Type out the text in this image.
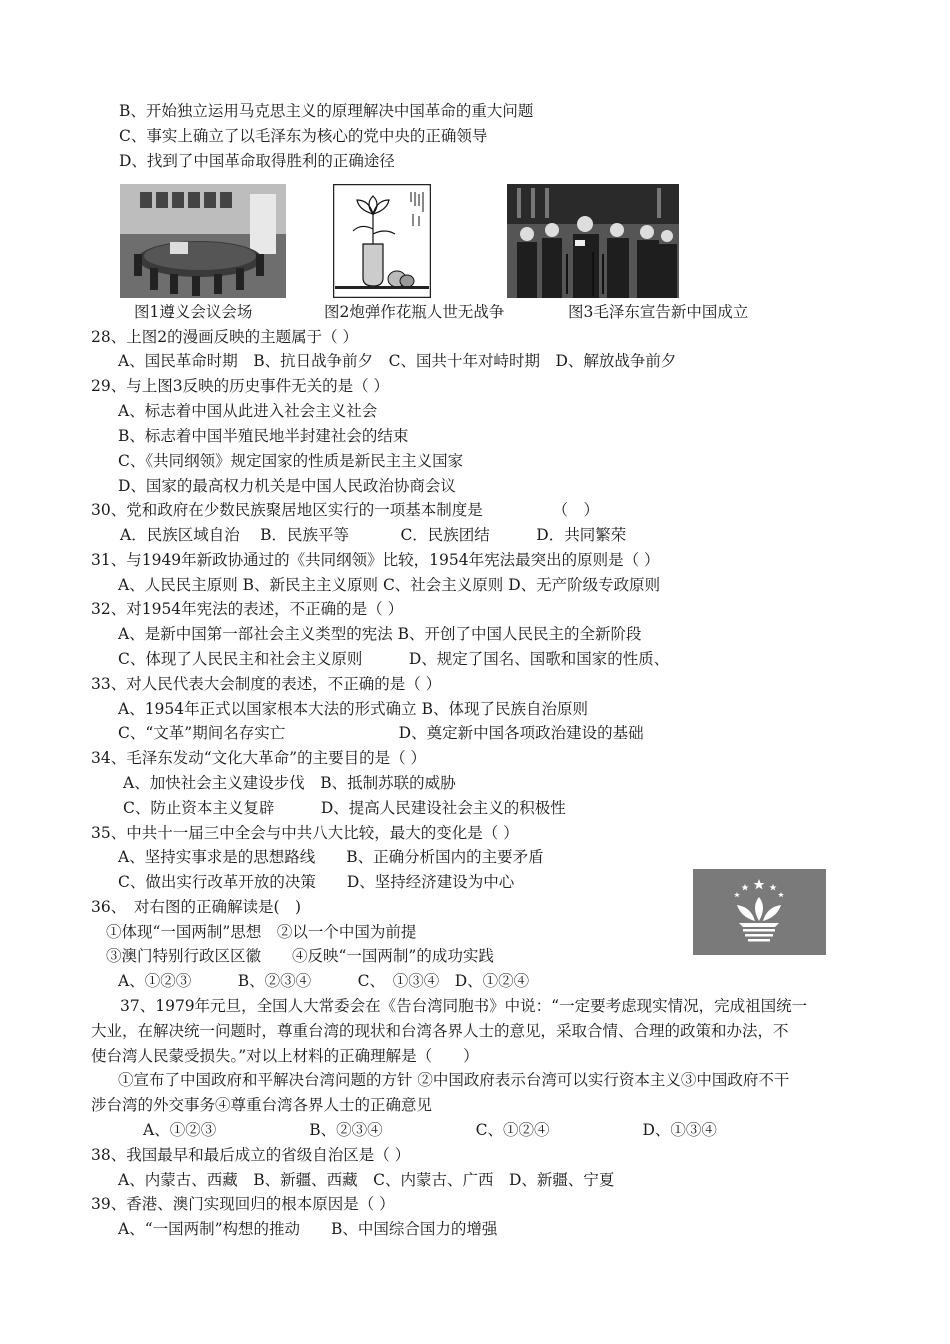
B、开始独立运用马克思主义的原理解决中国革命的重大问题
C、事实上确立了以毛泽东为核心的党中央的正确领导
D、找到了中国革命取得胜利的正确途径
图1遵义会议会场	图2炮弹作花瓶人世无战争	图3毛泽东宣告新中国成立
28、上图2的漫画反映的主题属于（ ）
A、国民革命时期　B、抗日战争前夕　C、国共十年对峙时期　D、解放战争前夕
29、与上图3反映的历史事件无关的是（ ）
A、标志着中国从此进入社会主义社会
B、标志着中国半殖民地半封建社会的结束
C、《共同纲领》规定国家的性质是新民主主义国家
D、国家的最高权力机关是中国人民政治协商会议
30、党和政府在少数民族聚居地区实行的一项基本制度是　　　　　（　）
A．民族区域自治　 B．民族平等　　　 C．民族团结　　　D．共同繁荣
31、与1949年新政协通过的《共同纲领》比较，1954年宪法最突出的原则是（ ）
A、人民民主原则 B、新民主主义原则 C、社会主义原则 D、无产阶级专政原则
32、对1954年宪法的表述，不正确的是（ ）
A、是新中国第一部社会主义类型的宪法 B、开创了中国人民民主的全新阶段
C、体现了人民民主和社会主义原则　　　D、规定了国名、国歌和国家的性质、
33、对人民代表大会制度的表述，不正确的是（ ）
A、1954年正式以国家根本大法的形式确立 B、体现了民族自治原则
C、“文革”期间名存实亡　　　　　　　 D、奠定新中国各项政治建设的基础
34、毛泽东发动“文化大革命”的主要目的是（ ）
A、加快社会主义建设步伐　B、抵制苏联的威胁
C、防止资本主义复辟　　　D、提高人民建设社会主义的积极性
35、中共十一届三中全会与中共八大比较，最大的变化是（ ）
A、坚持实事求是的思想路线　　B、正确分析国内的主要矛盾
C、做出实行改革开放的决策　　D、坚持经济建设为中心
36、　对右图的正确解读是(　)
①体现“一国两制”思想　②以一个中国为前提
③澳门特别行政区区徽　　④反映“一国两制”的成功实践
A、①②③　　　B、②③④　　　C、　①③④　D、①②④
37、1979年元旦，全国人大常委会在《告台湾同胞书》中说：“一定要考虑现实情况，完成祖国统一
大业，在解决统一问题时，尊重台湾的现状和台湾各界人士的意见，采取合情、合理的政策和办法，不
使台湾人民蒙受损失。”对以上材料的正确理解是（　　）
①宣布了中国政府和平解决台湾问题的方针 ②中国政府表示台湾可以实行资本主义③中国政府不干
涉台湾的外交事务④尊重台湾各界人士的正确意见
A、①②③　　　　　　B、②③④　　　　　　C、①②④　　　　　　D、①③④
38、我国最早和最后成立的省级自治区是（ ）
A、内蒙古、西藏　B、新疆、西藏　C、内蒙古、广西　D、新疆、宁夏
39、香港、澳门实现回归的根本原因是（ ）
A、“一国两制”构想的推动　　B、中国综合国力的增强
